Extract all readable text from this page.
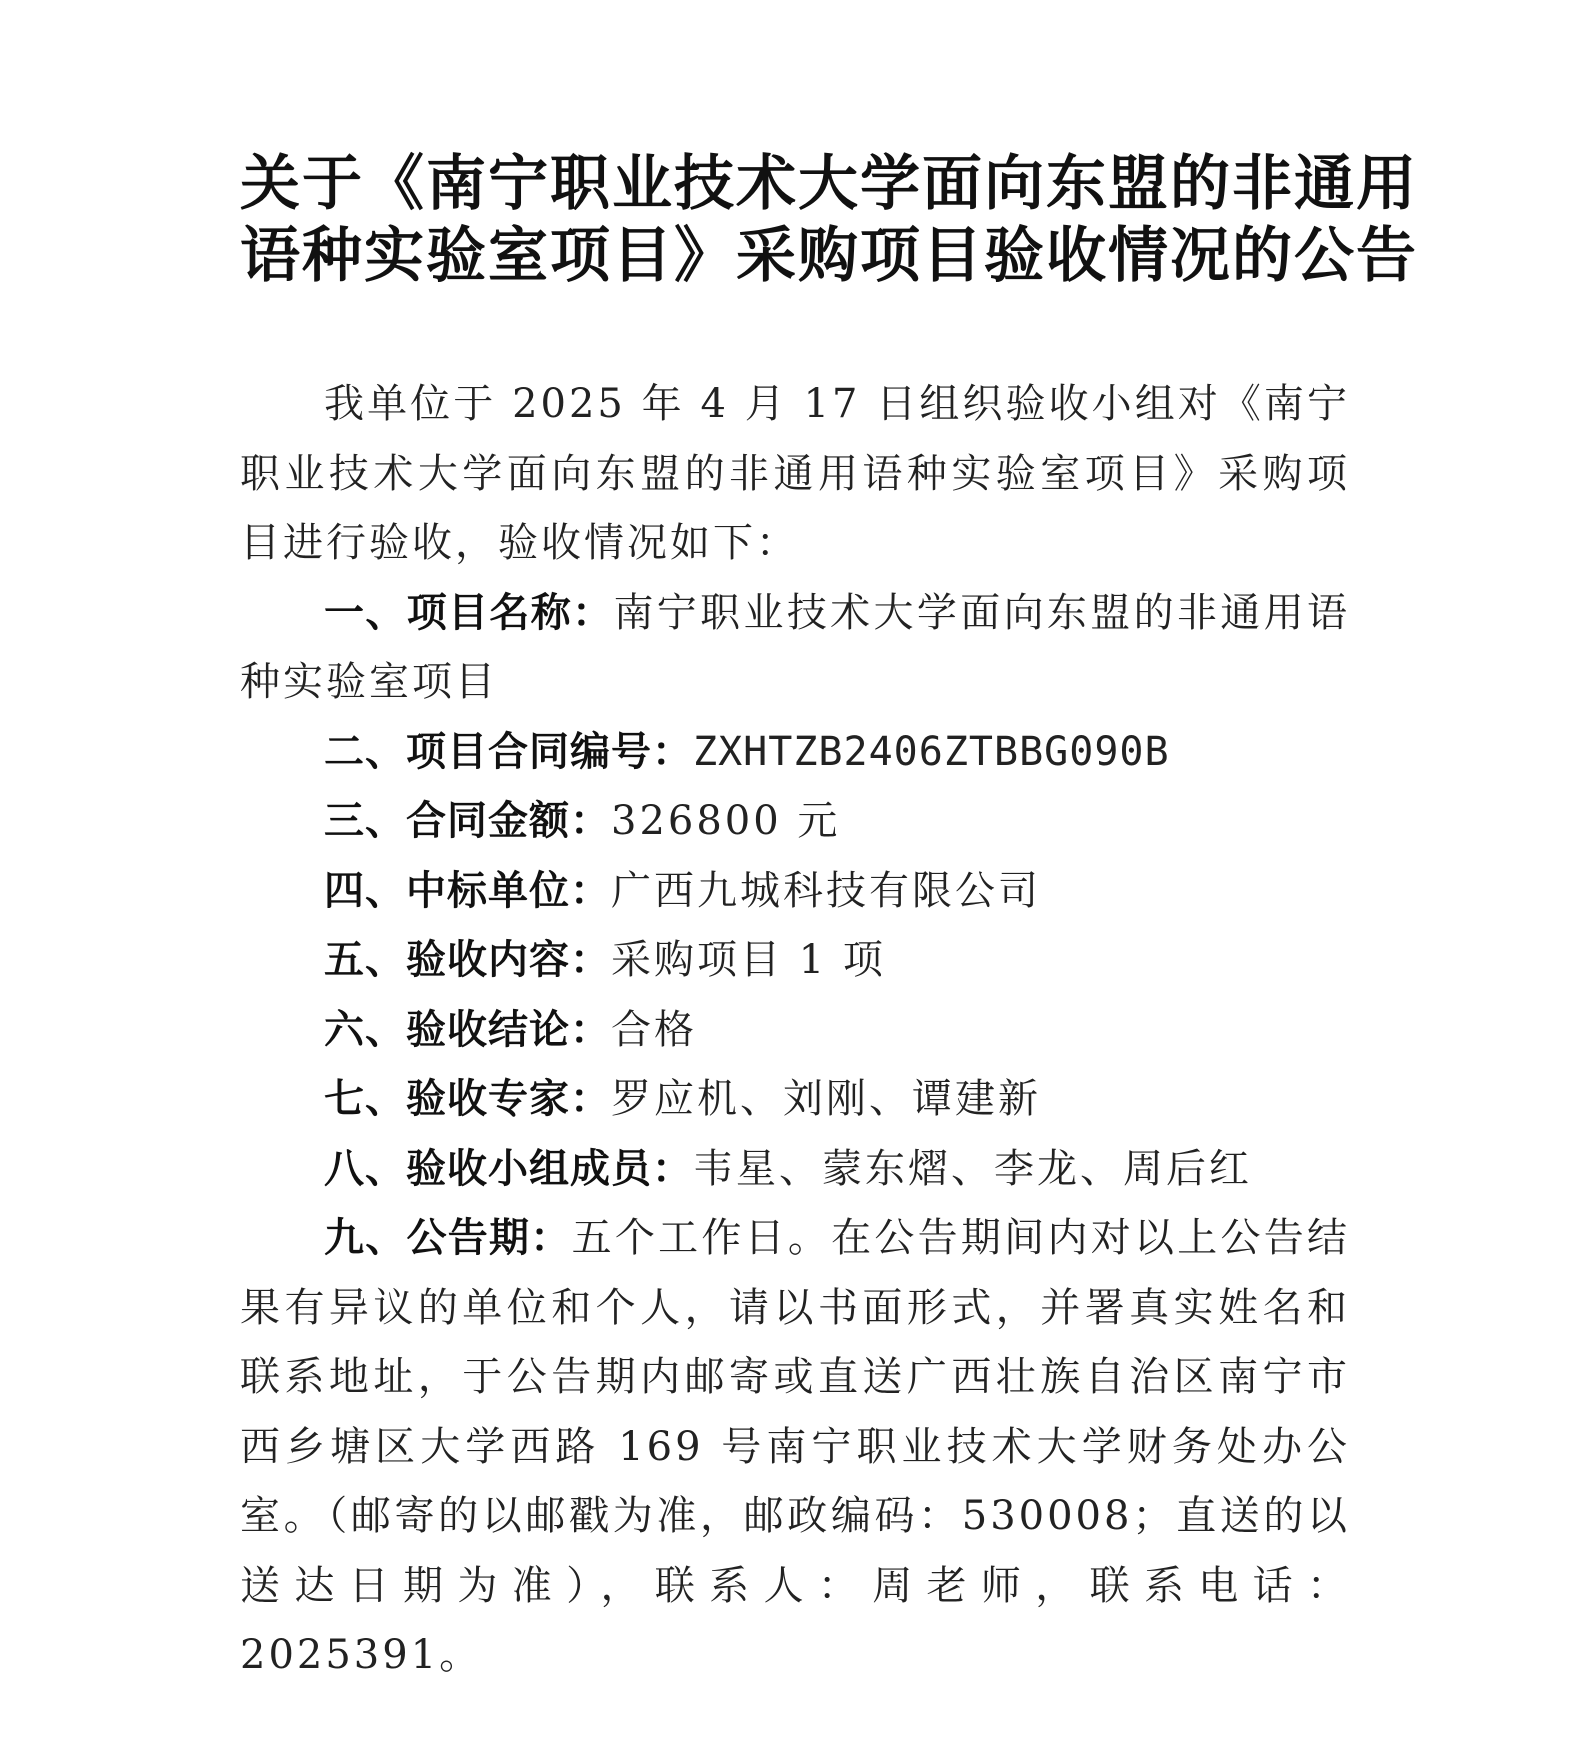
关于《南宁职业技术大学面向东盟的非通用
语种实验室项目》采购项目验收情况的公告

我单位于 2025 年 4 月 17 日组织验收小组对《南宁职业技术大学面向东盟的非通用语种实验室项目》采购项目进行验收，验收情况如下：

一、项目名称：南宁职业技术大学面向东盟的非通用语种实验室项目

二、项目合同编号：ZXHTZB2406ZTBBG090B

三、合同金额：326800 元

四、中标单位：广西九城科技有限公司

五、验收内容：采购项目 1 项

六、验收结论：合格

七、验收专家：罗应机、刘刚、谭建新

八、验收小组成员：韦星、蒙东熠、李龙、周后红

九、公告期：五个工作日。在公告期间内对以上公告结果有异议的单位和个人，请以书面形式，并署真实姓名和联系地址，于公告期内邮寄或直送广西壮族自治区南宁市西乡塘区大学西路 169 号南宁职业技术大学财务处办公室。（邮寄的以邮戳为准，邮政编码：530008；直送的以送达日期为准），联系人：周老师，联系电话：2025391。
